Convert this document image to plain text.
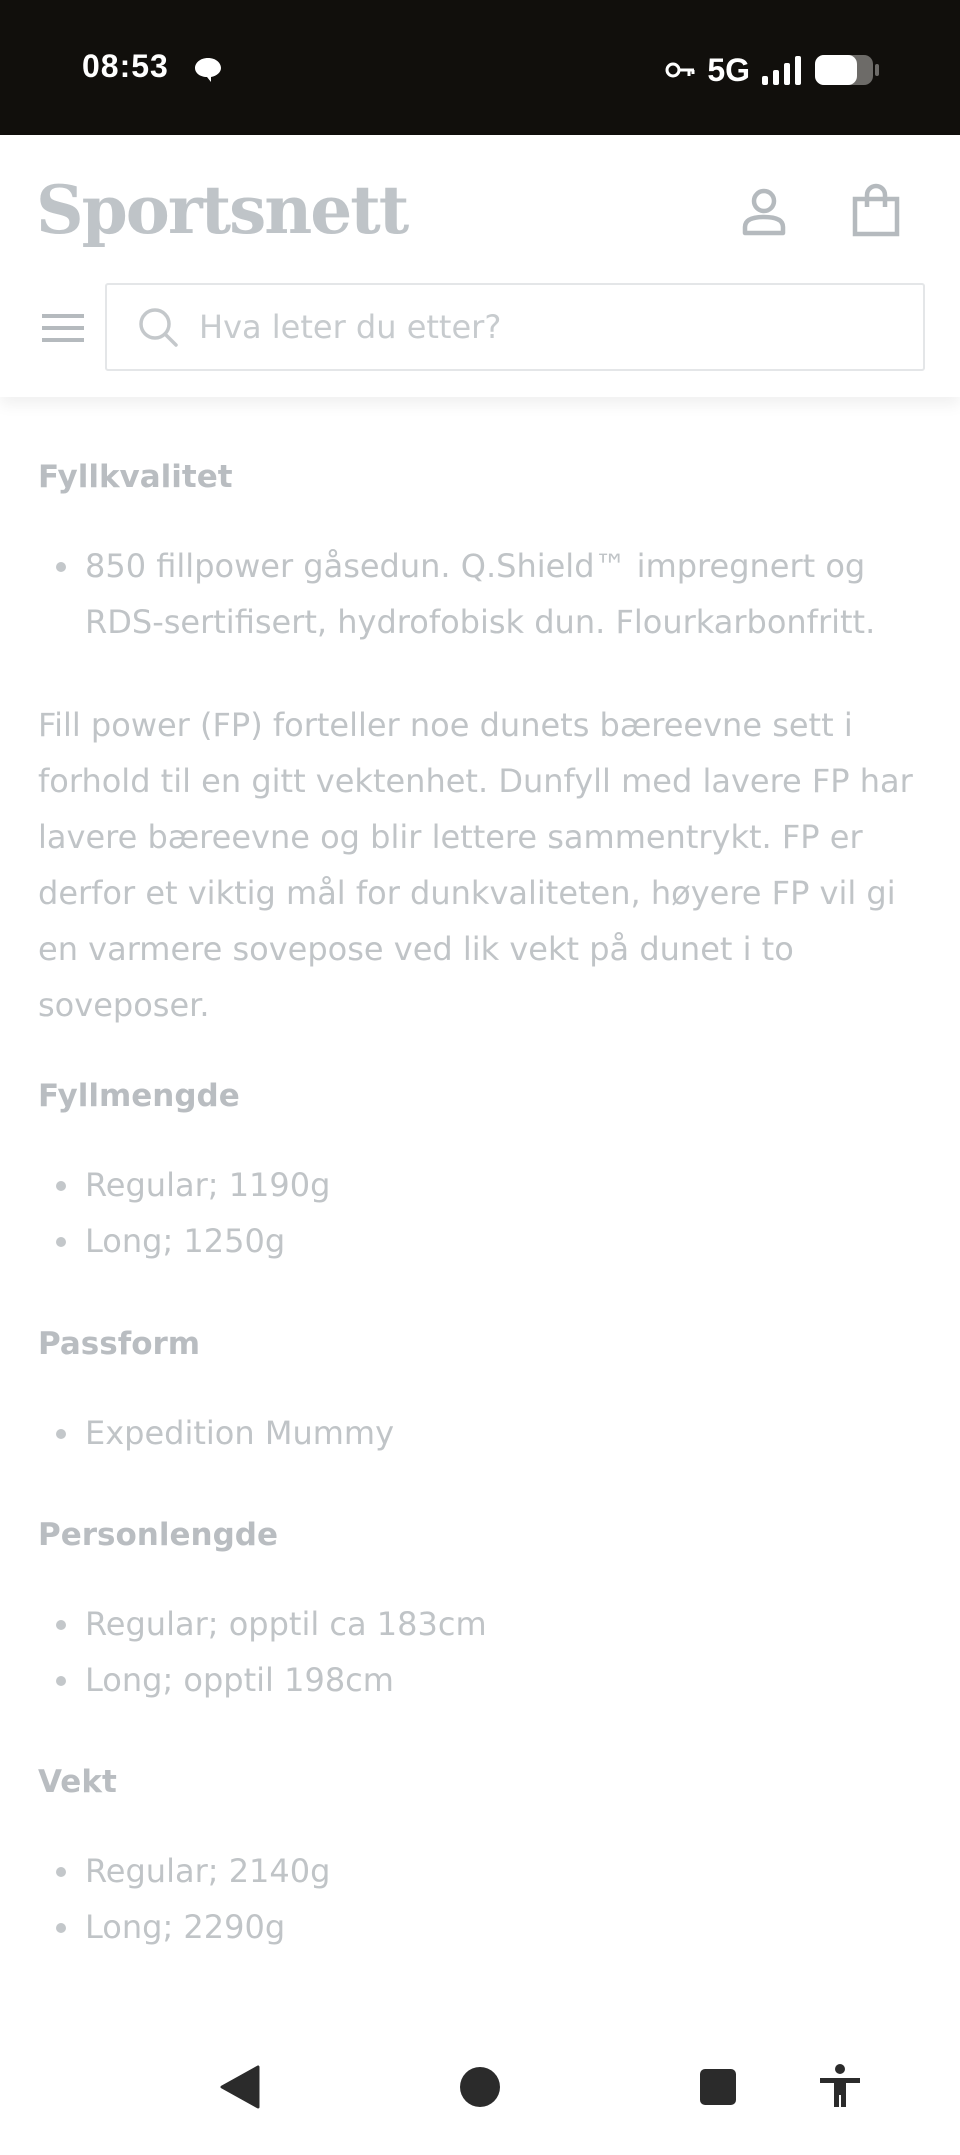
08:53	5G
Sportsnett
Hva leter du etter?
Fyllkvalitet
850 fillpower gåsedun. Q.Shield™ impregnert og RDS-sertifisert, hydrofobisk dun. Flourkarbonfritt.

Fill power (FP) forteller noe dunets bæreevne sett i forhold til en gitt vektenhet. Dunfyll med lavere FP har lavere bæreevne og blir lettere sammentrykt. FP er derfor et viktig mål for dunkvaliteten, høyere FP vil gi en varmere sovepose ved lik vekt på dunet i to soveposer.

Fyllmengde
Regular; 1190g
Long; 1250g
Passform
Expedition Mummy
Personlengde
Regular; opptil ca 183cm
Long; opptil 198cm
Vekt
Regular; 2140g
Long; 2290g
